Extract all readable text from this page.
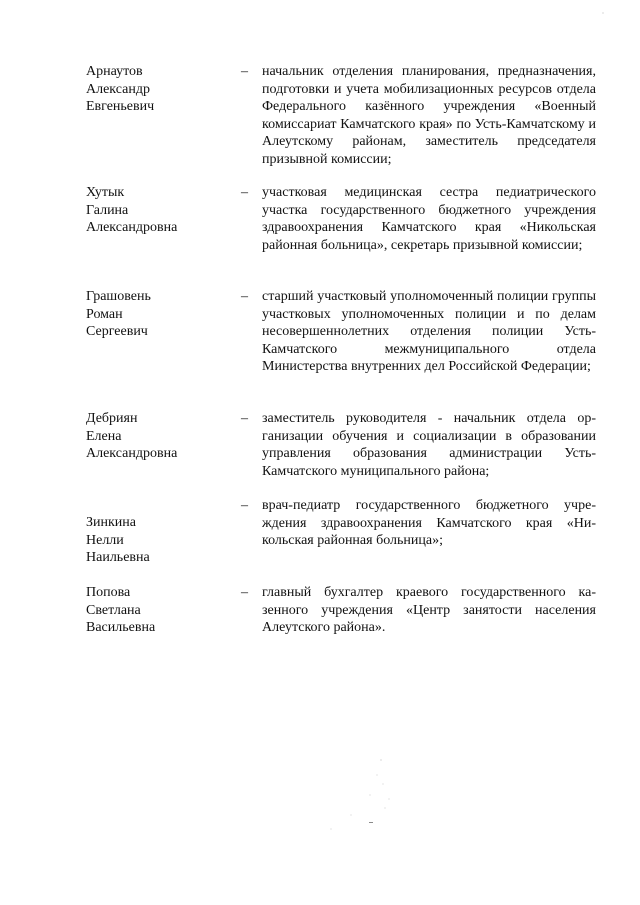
Арнаутов
Александр
Евгеньевич
–	начальник отделения планирования, предназначения, подготовки и учета мобилизационных ресурсов отдела Федерального казённого учреждения «Военный комиссариат Камчатского края» по Усть-Камчатскому и Алеутскому районам, заместитель председателя призывной комиссии;
Хутык
Галина
Александровна
–	участковая медицинская сестра педиатрического участка государственного бюджетного учреждения здравоохранения Камчатского края «Никольская районная больница», секретарь призывной комиссии;
Грашовень
Роман
Сергеевич
–	старший участковый уполномоченный полиции группы участковых уполномоченных полиции и по делам несовершеннолетних отделения полиции Усть-Камчатского межмуниципального отдела Министерства внутренних дел Российской Федерации;
Дебриян
Елена
Александровна
–	заместитель руководителя - начальник отдела организации обучения и социализации в образовании управления образования администрации Усть-Камчатского муниципального района;
Зинкина
Нелли
Наильевна
–	врач-педиатр государственного бюджетного учреждения здравоохранения Камчатского края «Никольская районная больница»;
Попова
Светлана
Васильевна
–	главный бухгалтер краевого государственного казенного учреждения «Центр занятости населения Алеутского района».
